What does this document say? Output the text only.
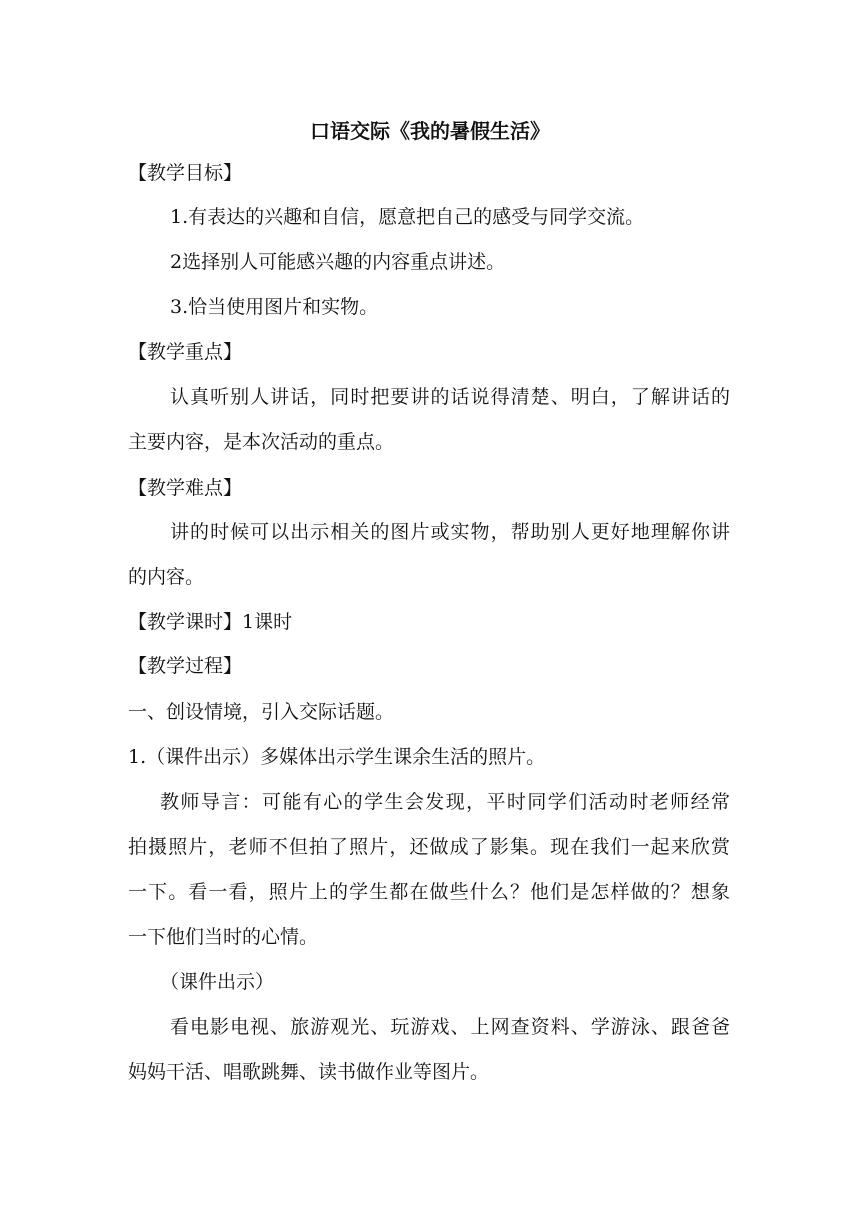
口语交际《我的暑假生活》
【教学目标】
1.有表达的兴趣和自信，愿意把自己的感受与同学交流。
2选择别人可能感兴趣的内容重点讲述。
3.恰当使用图片和实物。
【教学重点】
认真听别人讲话，同时把要讲的话说得清楚、明白，了解讲话的
主要内容，是本次活动的重点。
【教学难点】
讲的时候可以出示相关的图片或实物，帮助别人更好地理解你讲
的内容。
【教学课时】1课时
【教学过程】
一、创设情境，引入交际话题。
1.（课件出示）多媒体出示学生课余生活的照片。
教师导言：可能有心的学生会发现，平时同学们活动时老师经常
拍摄照片，老师不但拍了照片，还做成了影集。现在我们一起来欣赏
一下。看一看，照片上的学生都在做些什么？他们是怎样做的？想象
一下他们当时的心情。
（课件出示）
看电影电视、旅游观光、玩游戏、上网查资料、学游泳、跟爸爸
妈妈干活、唱歌跳舞、读书做作业等图片。
